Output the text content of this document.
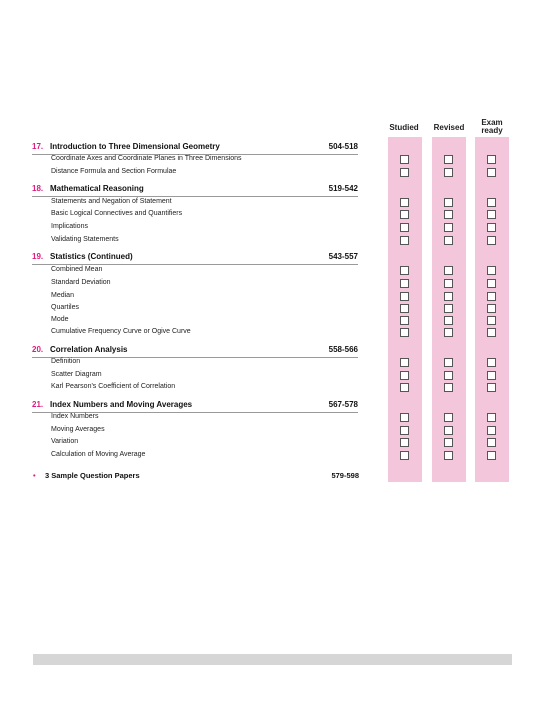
Studied	Revised
Exam
ready
17. Introduction to Three Dimensional Geometry	504-518
Coordinate Axes and Coordinate Planes in Three Dimensions
Distance Formula and Section Formulae
18. Mathematical Reasoning	519-542
Statements and Negation of Statement
Basic Logical Connectives and Quantifiers
Implications
Validating Statements
19. Statistics (Continued)	543-557
Combined Mean
Standard Deviation
Median
Quartiles
Mode
Cumulative Frequency Curve or Ogive Curve
20. Correlation Analysis	558-566
Definition
Scatter Diagram
Karl Pearson's Coefficient of Correlation
21. Index Numbers and Moving Averages	567-578
Index Numbers
Moving Averages
Variation
Calculation of Moving Average
• 3 Sample Question Papers	579-598
